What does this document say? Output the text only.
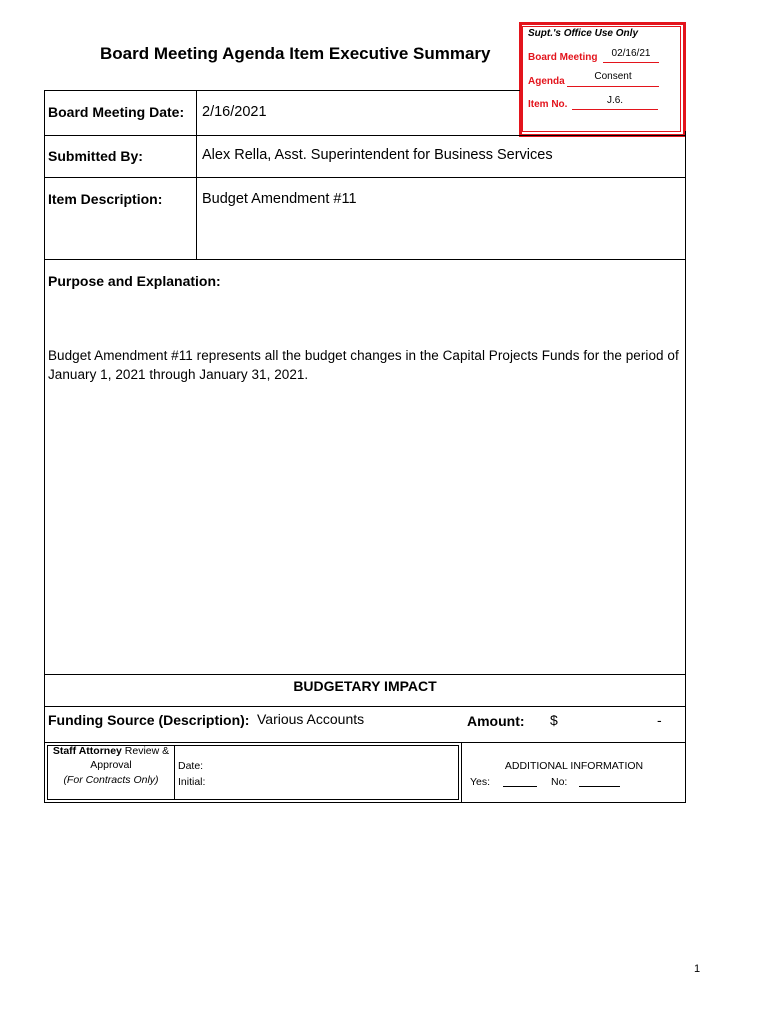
Board Meeting Agenda Item Executive Summary
Supt.'s Office Use Only
Board Meeting	02/16/21
Agenda	Consent
Item No.	J.6.
Board Meeting Date: 2/16/2021
Submitted By:	Alex Rella, Asst. Superintendent for Business Services
Item Description:	Budget Amendment #11
Purpose and Explanation:
Budget Amendment #11 represents all the budget changes in the Capital Projects Funds for the period of January 1, 2021 through January 31, 2021.
BUDGETARY IMPACT
Funding Source (Description): Various Accounts	Amount: $	-
Staff Attorney Review &
Approval
(For Contracts Only)
Date:
Initial:
ADDITIONAL INFORMATION
Yes:	No:
1
